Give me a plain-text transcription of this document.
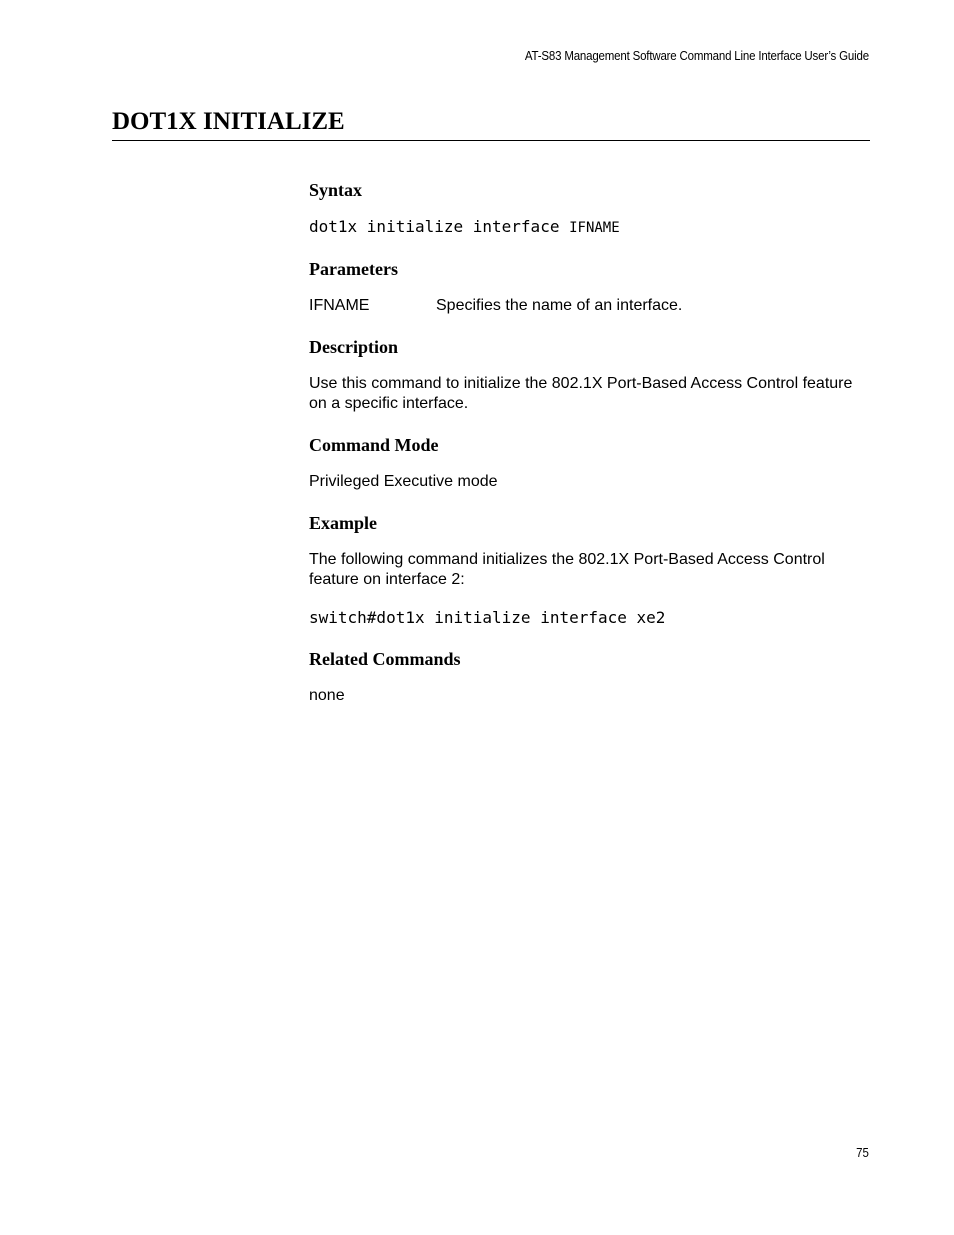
AT-S83 Management Software Command Line Interface User’s Guide
DOT1X INITIALIZE
Syntax

dot1x initialize interface IFNAME

Parameters
IFNAME	Specifies the name of an interface.
Description

Use this command to initialize the 802.1X Port-Based Access Control feature on a specific interface.

Command Mode

Privileged Executive mode

Example

The following command initializes the 802.1X Port-Based Access Control feature on interface 2:

switch#dot1x initialize interface xe2

Related Commands

none

75
